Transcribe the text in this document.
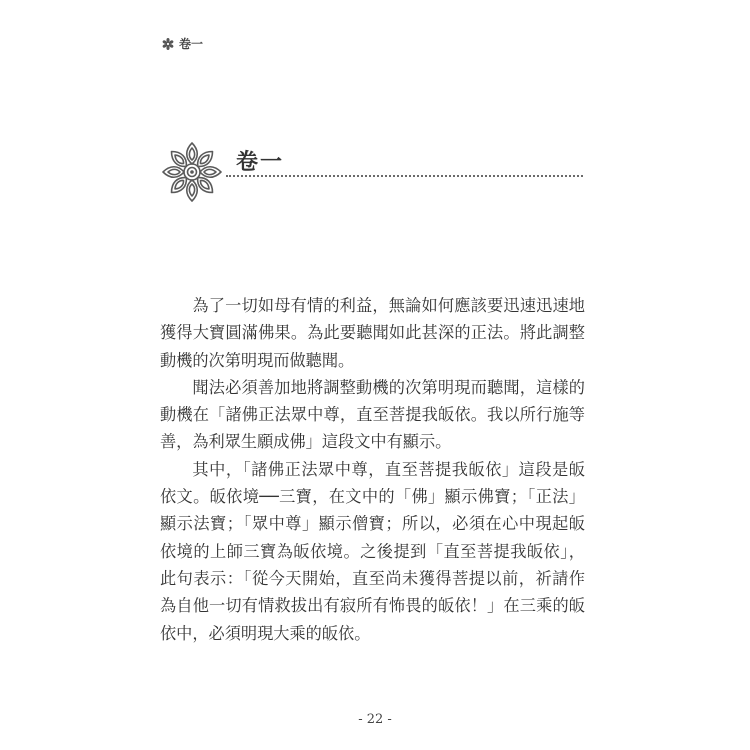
卷一
卷一

為了一切如母有情的利益，無論如何應該要迅速迅速地獲得大寶圓滿佛果。為此要聽聞如此甚深的正法。將此調整動機的次第明現而做聽聞。

聞法必須善加地將調整動機的次第明現而聽聞，這樣的動機在「諸佛正法眾中尊，直至菩提我皈依。我以所行施等善，為利眾生願成佛」這段文中有顯示。

其中，「諸佛正法眾中尊，直至菩提我皈依」這段是皈依文。皈依境──三寶，在文中的「佛」顯示佛寶；「正法」顯示法寶；「眾中尊」顯示僧寶；所以，必須在心中現起皈依境的上師三寶為皈依境。之後提到「直至菩提我皈依」，此句表示：「從今天開始，直至尚未獲得菩提以前，祈請作為自他一切有情救拔出有寂所有怖畏的皈依！」在三乘的皈依中，必須明現大乘的皈依。

- 22 -
